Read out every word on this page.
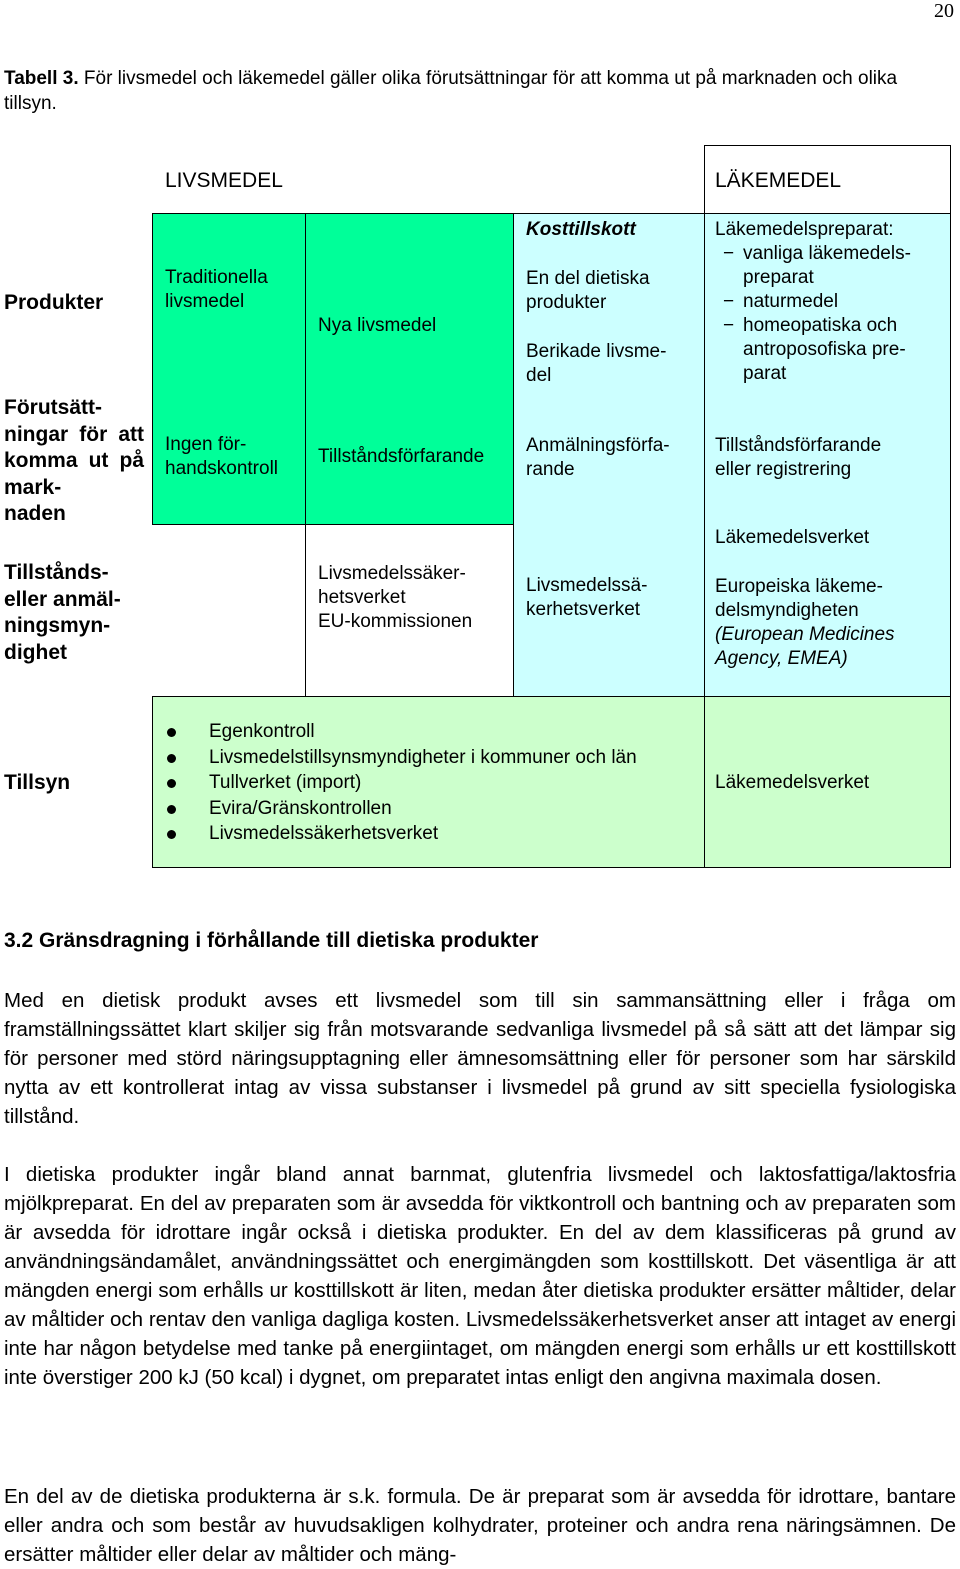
20
Tabell 3. För livsmedel och läkemedel gäller olika förutsättningar för att komma ut på marknaden och olika tillsyn.
Produkter
Förutsätt-
ningar för att komma ut på mark-
naden
Tillstånds-
eller anmäl-
ningsmyn-
dighet
Tillsyn
LIVSMEDEL	LÄKEMEDEL
Traditionella
livsmedel
Ingen för-
handskontroll
Nya livsmedel
Tillståndsförfarande
Livsmedelssäker-
hetsverket
EU-kommissionen
Kosttillskott
En del dietiska
produkter
Berikade livsme-
del
Anmälningsförfa-
rande
Livsmedelssä-
kerhetsverket
Läkemedelspreparat:
− vanliga läkemedels-
preparat
− naturmedel
− homeopatiska och
antroposofiska pre-
parat
Tillståndsförfarande
eller registrering
Läkemedelsverket
Europeiska läkeme-
delsmyndigheten
(European Medicines
Agency, EMEA)
Egenkontroll
Livsmedelstillsynsmyndigheter i kommuner och län
Tullverket (import)
Evira/Gränskontrollen
Livsmedelssäkerhetsverket
Läkemedelsverket
3.2 Gränsdragning i förhållande till dietiska produkter

Med en dietisk produkt avses ett livsmedel som till sin sammansättning eller i fråga om framställningssättet klart skiljer sig från motsvarande sedvanliga livsmedel på så sätt att det lämpar sig för personer med störd näringsupptagning eller ämnesomsättning eller för personer som har särskild nytta av ett kontrollerat intag av vissa substanser i livsmedel på grund av sitt speciella fysiologiska tillstånd.

I dietiska produkter ingår bland annat barnmat, glutenfria livsmedel och laktosfattiga/laktosfria mjölkpreparat. En del av preparaten som är avsedda för viktkontroll och bantning och av preparaten som är avsedda för idrottare ingår också i dietiska produkter. En del av dem klassificeras på grund av användningsändamålet, användningssättet och energimängden som kosttillskott. Det väsentliga är att mängden energi som erhålls ur kosttillskott är liten, medan åter dietiska produkter ersätter måltider, delar av måltider och rentav den vanliga dagliga kosten. Livsmedelssäkerhetsverket anser att intaget av energi inte har någon betydelse med tanke på energiintaget, om mängden energi som erhålls ur ett kosttillskott inte överstiger 200 kJ (50 kcal) i dygnet, om preparatet intas enligt den angivna maximala dosen.

En del av de dietiska produkterna är s.k. formula. De är preparat som är avsedda för idrottare, bantare eller andra och som består av huvudsakligen kolhydrater, proteiner och andra rena näringsämnen. De ersätter måltider eller delar av måltider och mäng-
